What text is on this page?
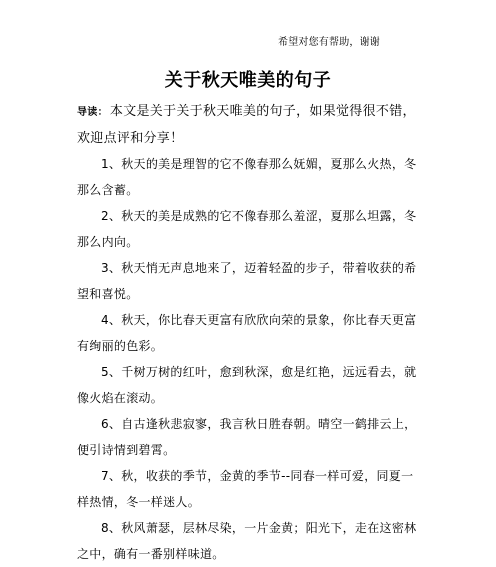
希望对您有帮助，谢谢
关于秋天唯美的句子
导读： 本文是关于关于秋天唯美的句子，如果觉得很不错，欢迎点评和分享！
1、秋天的美是理智的它不像春那么妩媚，夏那么火热，冬那么含蓄。
2、秋天的美是成熟的它不像春那么羞涩，夏那么坦露，冬那么内向。
3、秋天悄无声息地来了，迈着轻盈的步子，带着收获的希望和喜悦。
4、秋天，你比春天更富有欣欣向荣的景象，你比春天更富有绚丽的色彩。
5、千树万树的红叶，愈到秋深，愈是红艳，远远看去，就像火焰在滚动。
6、自古逢秋悲寂寥，我言秋日胜春朝。晴空一鹤排云上，便引诗情到碧霄。
7、秋，收获的季节，金黄的季节--同春一样可爱，同夏一样热情，冬一样迷人。
8、秋风萧瑟，层林尽染，一片金黄；阳光下，走在这密林之中，确有一番别样味道。
